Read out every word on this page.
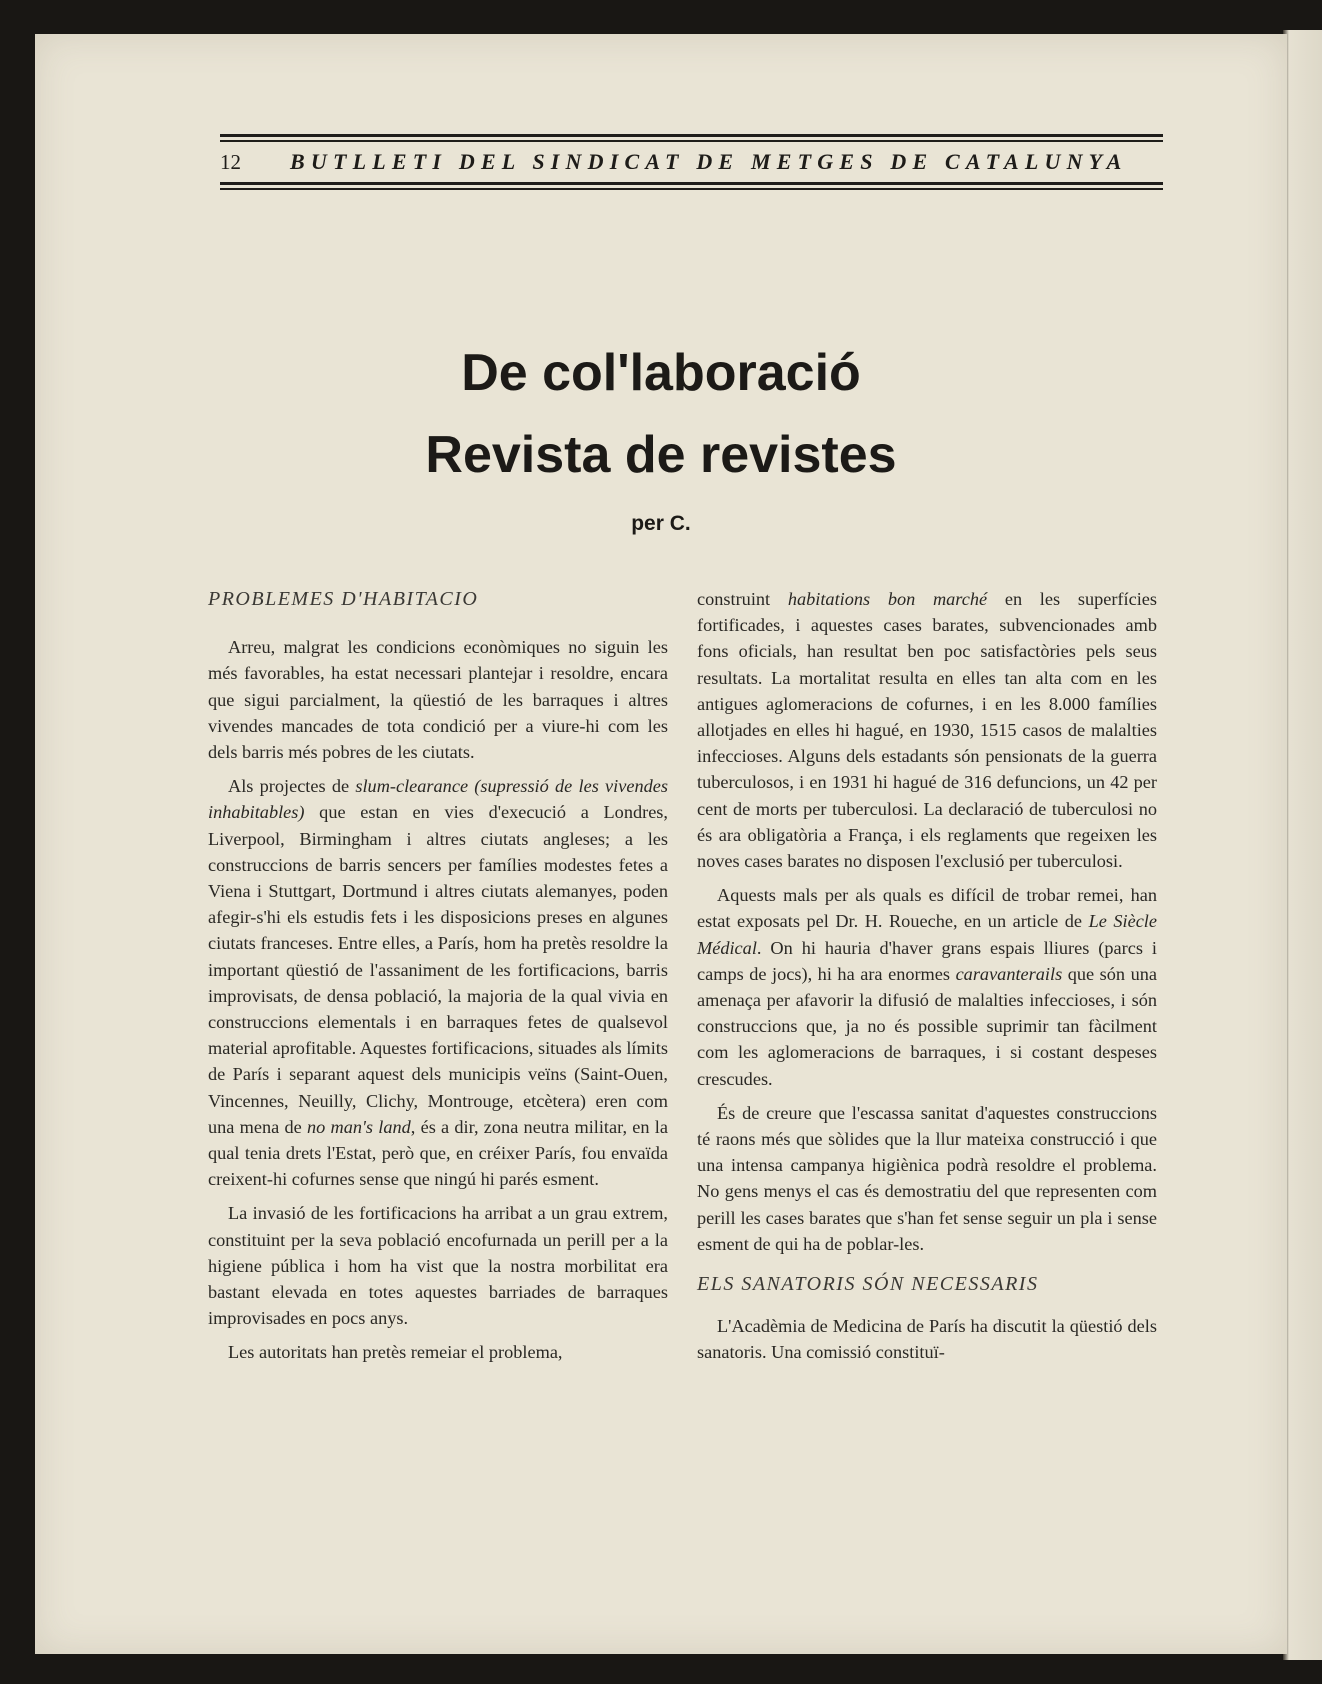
12	BUTLLETI DEL SINDICAT DE METGES DE CATALUNYA
De col'laboració
Revista de revistes
per C.

PROBLEMES D'HABITACIO

Arreu, malgrat les condicions econòmiques no siguin les més favorables, ha estat necessari plantejar i resoldre, encara que sigui parcialment, la qüestió de les barraques i altres vivendes mancades de tota condició per a viure-hi com les dels barris més pobres de les ciutats.

Als projectes de slum-clearance (supressió de les vivendes inhabitables) que estan en vies d'execució a Londres, Liverpool, Birmingham i altres ciutats angleses; a les construccions de barris sencers per famílies modestes fetes a Viena i Stuttgart, Dortmund i altres ciutats alemanyes, poden afegir-s'hi els estudis fets i les disposicions preses en algunes ciutats franceses. Entre elles, a París, hom ha pretès resoldre la important qüestió de l'assaniment de les fortificacions, barris improvisats, de densa població, la majoria de la qual vivia en construccions elementals i en barraques fetes de qualsevol material aprofitable. Aquestes fortificacions, situades als límits de París i separant aquest dels municipis veïns (Saint-Ouen, Vincennes, Neuilly, Clichy, Montrouge, etcètera) eren com una mena de no man's land, és a dir, zona neutra militar, en la qual tenia drets l'Estat, però que, en créixer París, fou envaïda creixent-hi cofurnes sense que ningú hi parés esment.

La invasió de les fortificacions ha arribat a un grau extrem, constituint per la seva població encofurnada un perill per a la higiene pública i hom ha vist que la nostra morbilitat era bastant elevada en totes aquestes barriades de barraques improvisades en pocs anys.

Les autoritats han pretès remeiar el problema,

construint habitations bon marché en les superfícies fortificades, i aquestes cases barates, subvencionades amb fons oficials, han resultat ben poc satisfactòries pels seus resultats. La mortalitat resulta en elles tan alta com en les antigues aglomeracions de cofurnes, i en les 8.000 famílies allotjades en elles hi hagué, en 1930, 1515 casos de malalties infeccioses. Alguns dels estadants són pensionats de la guerra tuberculosos, i en 1931 hi hagué de 316 defuncions, un 42 per cent de morts per tuberculosi. La declaració de tuberculosi no és ara obligatòria a França, i els reglaments que regeixen les noves cases barates no disposen l'exclusió per tuberculosi.

Aquests mals per als quals es difícil de trobar remei, han estat exposats pel Dr. H. Roueche, en un article de Le Siècle Médical. On hi hauria d'haver grans espais lliures (parcs i camps de jocs), hi ha ara enormes caravanterails que són una amenaça per afavorir la difusió de malalties infeccioses, i són construccions que, ja no és possible suprimir tan fàcilment com les aglomeracions de barraques, i si costant despeses crescudes.

És de creure que l'escassa sanitat d'aquestes construccions té raons més que sòlides que la llur mateixa construcció i que una intensa campanya higiènica podrà resoldre el problema. No gens menys el cas és demostratiu del que representen com perill les cases barates que s'han fet sense seguir un pla i sense esment de qui ha de poblar-les.

ELS SANATORIS SÓN NECESSARIS

L'Acadèmia de Medicina de París ha discutit la qüestió dels sanatoris. Una comissió constituï-
